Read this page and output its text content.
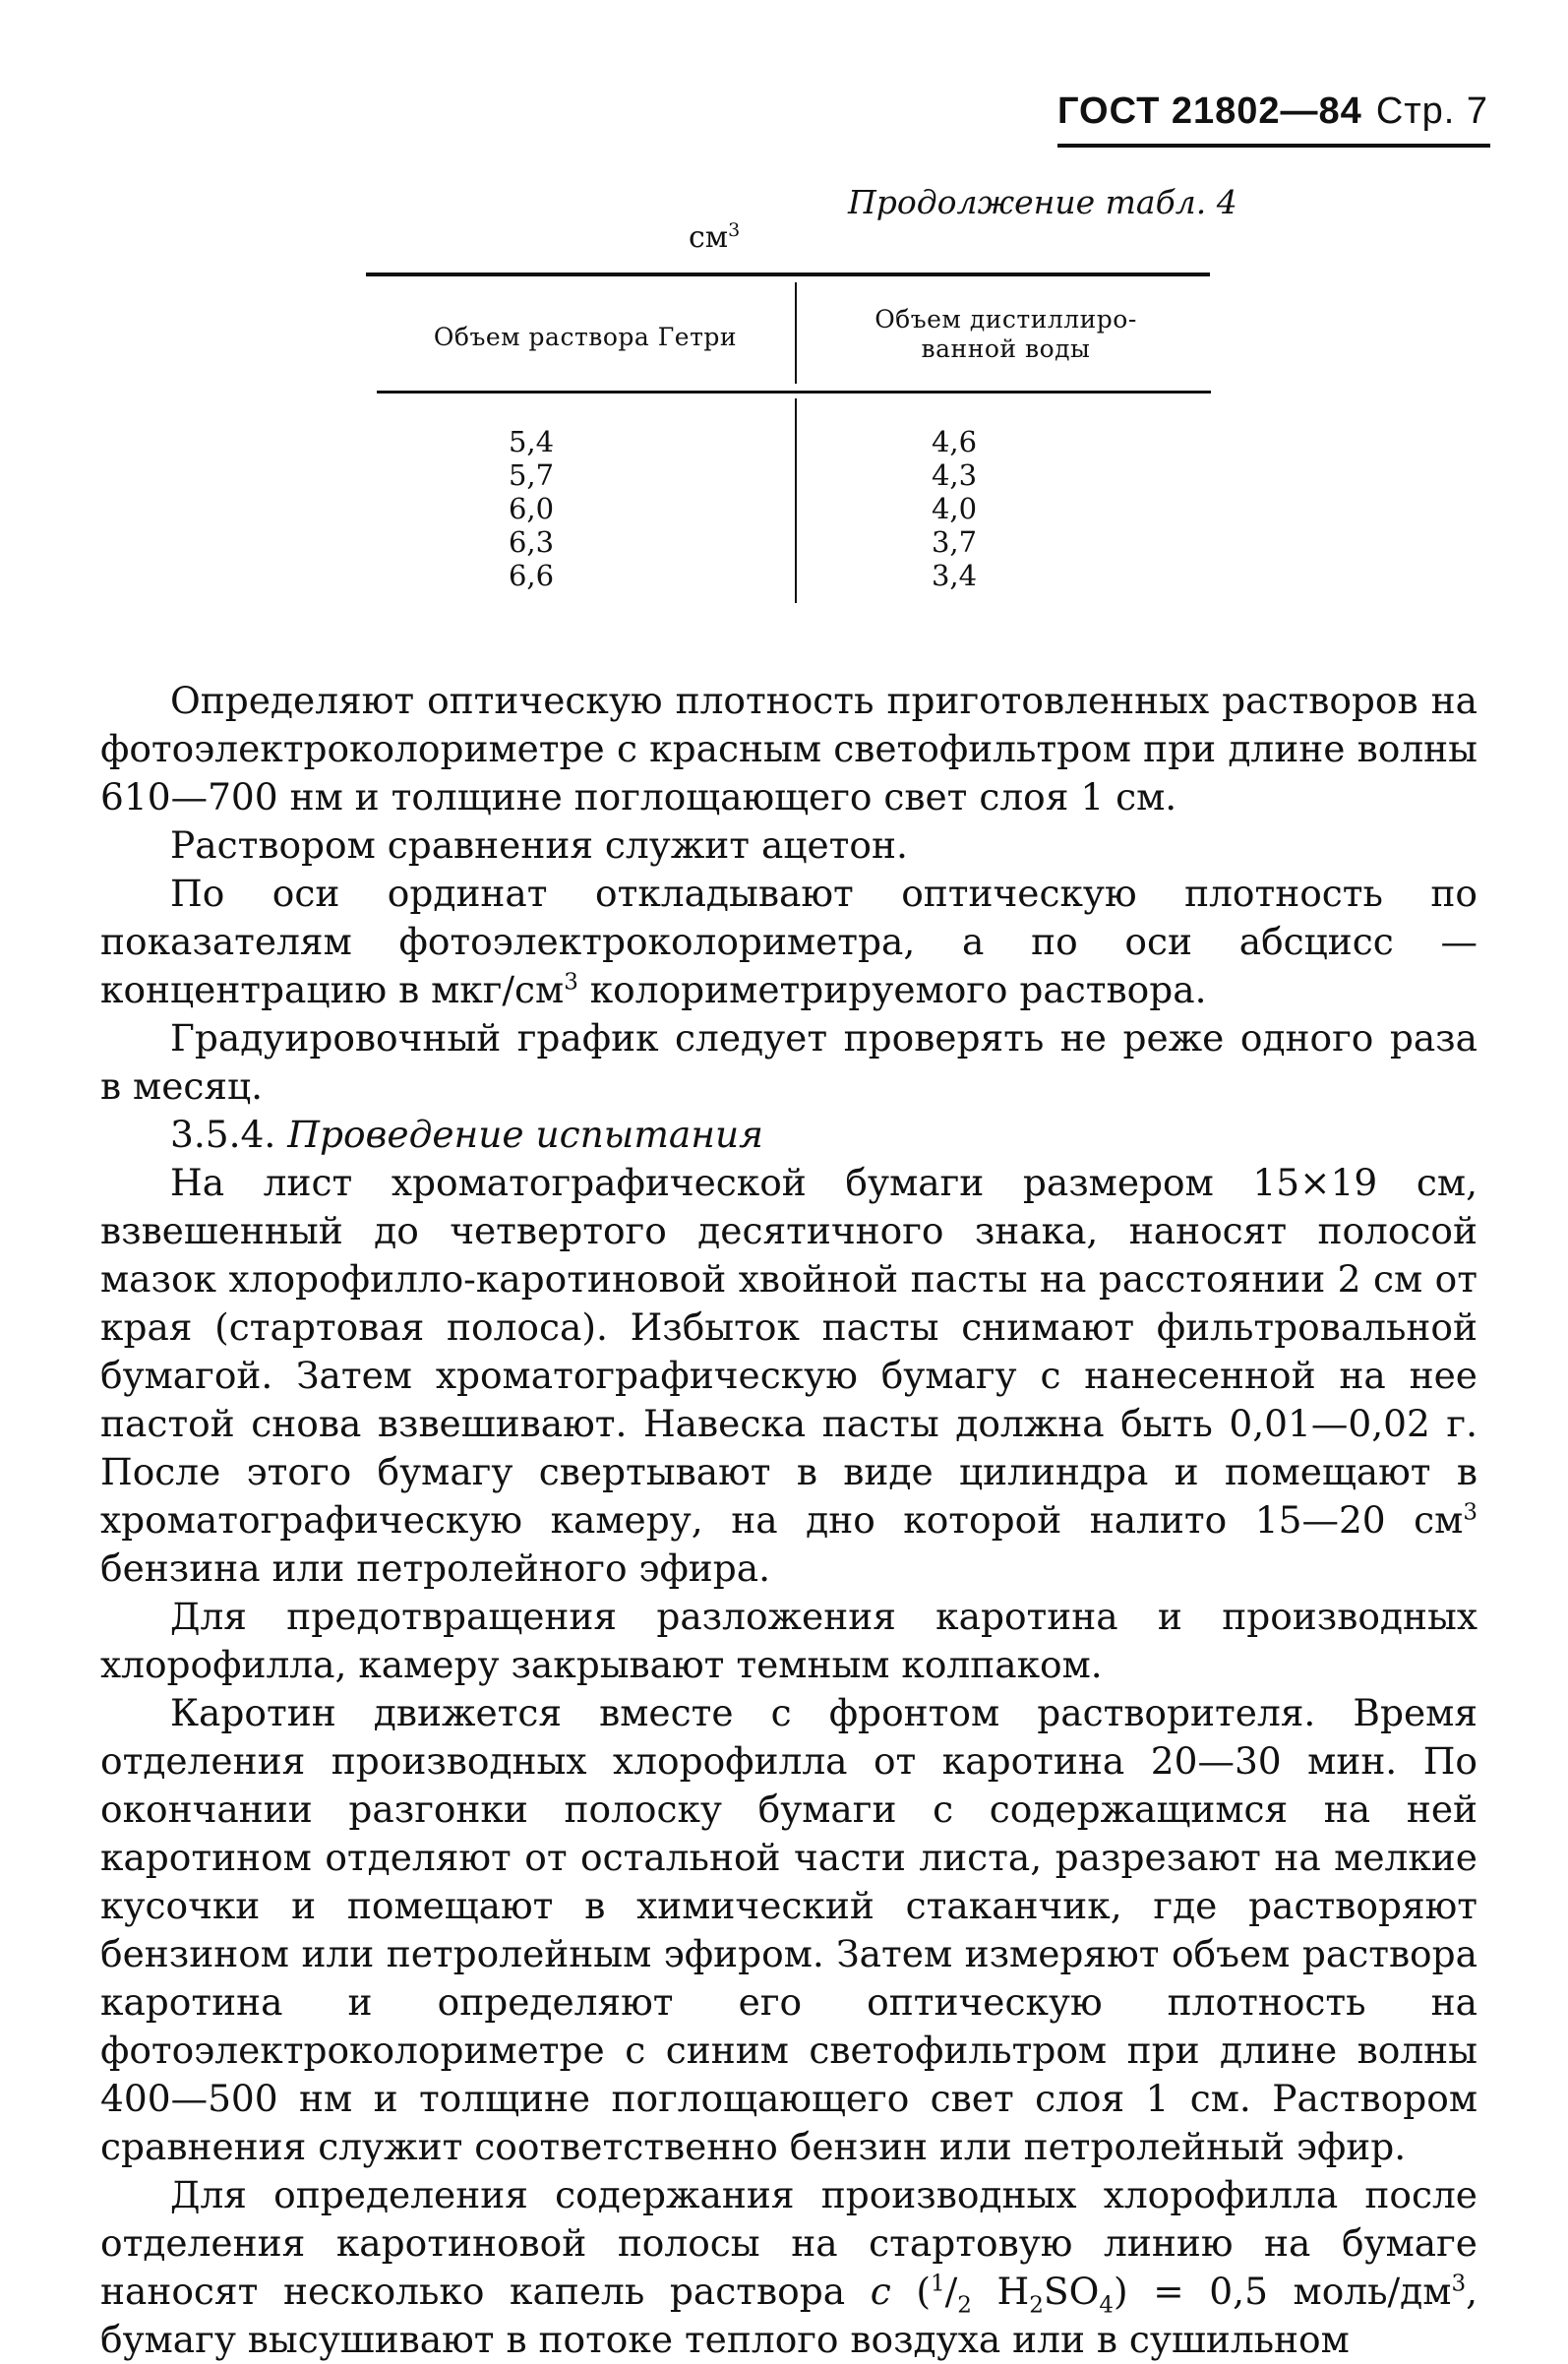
ГОСТ 21802—84 Стр. 7
Продолжение табл. 4
$см^3$
Объем раствора Гетри
Объем дистиллиро-
ванной воды
5,4
5,7
6,0
6,3
6,6
4,6
4,3
4,0
3,7
3,4

Определяют оптическую плотность приготовленных растворов на фотоэлектроколориметре с красным светофильтром при длине волны 610—700 нм и толщине поглощающего свет слоя 1 см.

Раствором сравнения служит ацетон.

По оси ординат откладывают оптическую плотность по показателям фотоэлектроколориметра, а по оси абсцисс — концентрацию в мкг/$см^3$ колориметрируемого раствора.

Градуировочный график следует проверять не реже одного раза в месяц.

3.5.4. Проведение испытания

На лист хроматографической бумаги размером 15×19 см, взвешенный до четвертого десятичного знака, наносят полосой мазок хлорофилло-каротиновой хвойной пасты на расстоянии 2 см от края (стартовая полоса). Избыток пасты снимают фильтровальной бумагой. Затем хроматографическую бумагу с нанесенной на нее пастой снова взвешивают. Навеска пасты должна быть 0,01—0,02 г. После этого бумагу свертывают в виде цилиндра и помещают в хроматографическую камеру, на дно которой налито 15—20 $см^3$ бензина или петролейного эфира.

Для предотвращения разложения каротина и производных хлорофилла, камеру закрывают темным колпаком.

Каротин движется вместе с фронтом растворителя. Время отделения производных хлорофилла от каротина 20—30 мин. По окончании разгонки полоску бумаги с содержащимся на ней каротином отделяют от остальной части листа, разрезают на мелкие кусочки и помещают в химический стаканчик, где растворяют бензином или петролейным эфиром. Затем измеряют объем раствора каротина и определяют его оптическую плотность на фотоэлектроколориметре с синим светофильтром при длине волны 400—500 нм и толщине поглощающего свет слоя 1 см. Раствором сравнения служит соответственно бензин или петролейный эфир.

Для определения содержания производных хлорофилла после отделения каротиновой полосы на стартовую линию на бумаге наносят несколько капель раствора с ($^1/_2$ $H_2SO_4) = 0,5$ моль/$дм^3$, бумагу высушивают в потоке теплого воздуха или в сушильном
